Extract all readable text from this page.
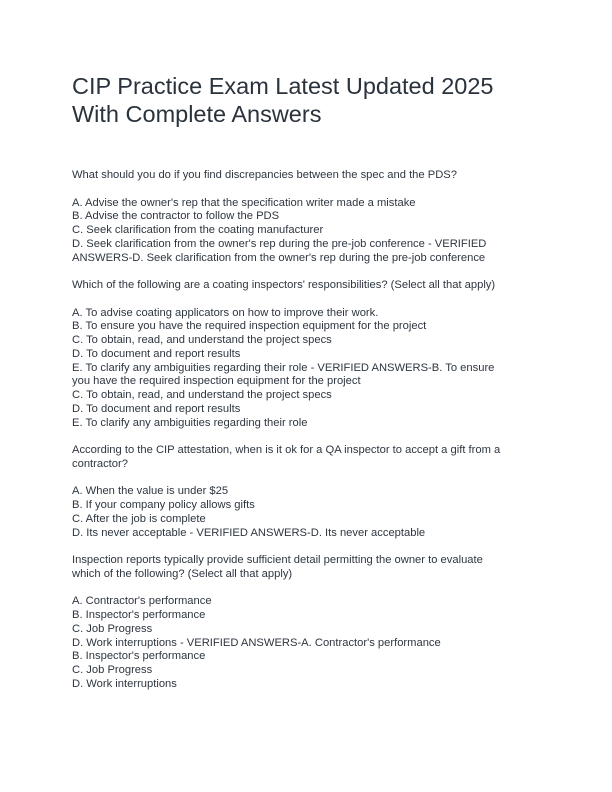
CIP Practice Exam Latest Updated 2025
With Complete Answers

What should you do if you find discrepancies between the spec and the PDS?

A. Advise the owner's rep that the specification writer made a mistake
B. Advise the contractor to follow the PDS
C. Seek clarification from the coating manufacturer
D. Seek clarification from the owner's rep during the pre-job conference - VERIFIED
ANSWERS-D. Seek clarification from the owner's rep during the pre-job conference

Which of the following are a coating inspectors' responsibilities? (Select all that apply)

A. To advise coating applicators on how to improve their work.
B. To ensure you have the required inspection equipment for the project
C. To obtain, read, and understand the project specs
D. To document and report results
E. To clarify any ambiguities regarding their role - VERIFIED ANSWERS-B. To ensure
you have the required inspection equipment for the project
C. To obtain, read, and understand the project specs
D. To document and report results
E. To clarify any ambiguities regarding their role

According to the CIP attestation, when is it ok for a QA inspector to accept a gift from a
contractor?

A. When the value is under $25
B. If your company policy allows gifts
C. After the job is complete
D. Its never acceptable - VERIFIED ANSWERS-D. Its never acceptable

Inspection reports typically provide sufficient detail permitting the owner to evaluate
which of the following? (Select all that apply)

A. Contractor's performance
B. Inspector's performance
C. Job Progress
D. Work interruptions - VERIFIED ANSWERS-A. Contractor's performance
B. Inspector's performance
C. Job Progress
D. Work interruptions
